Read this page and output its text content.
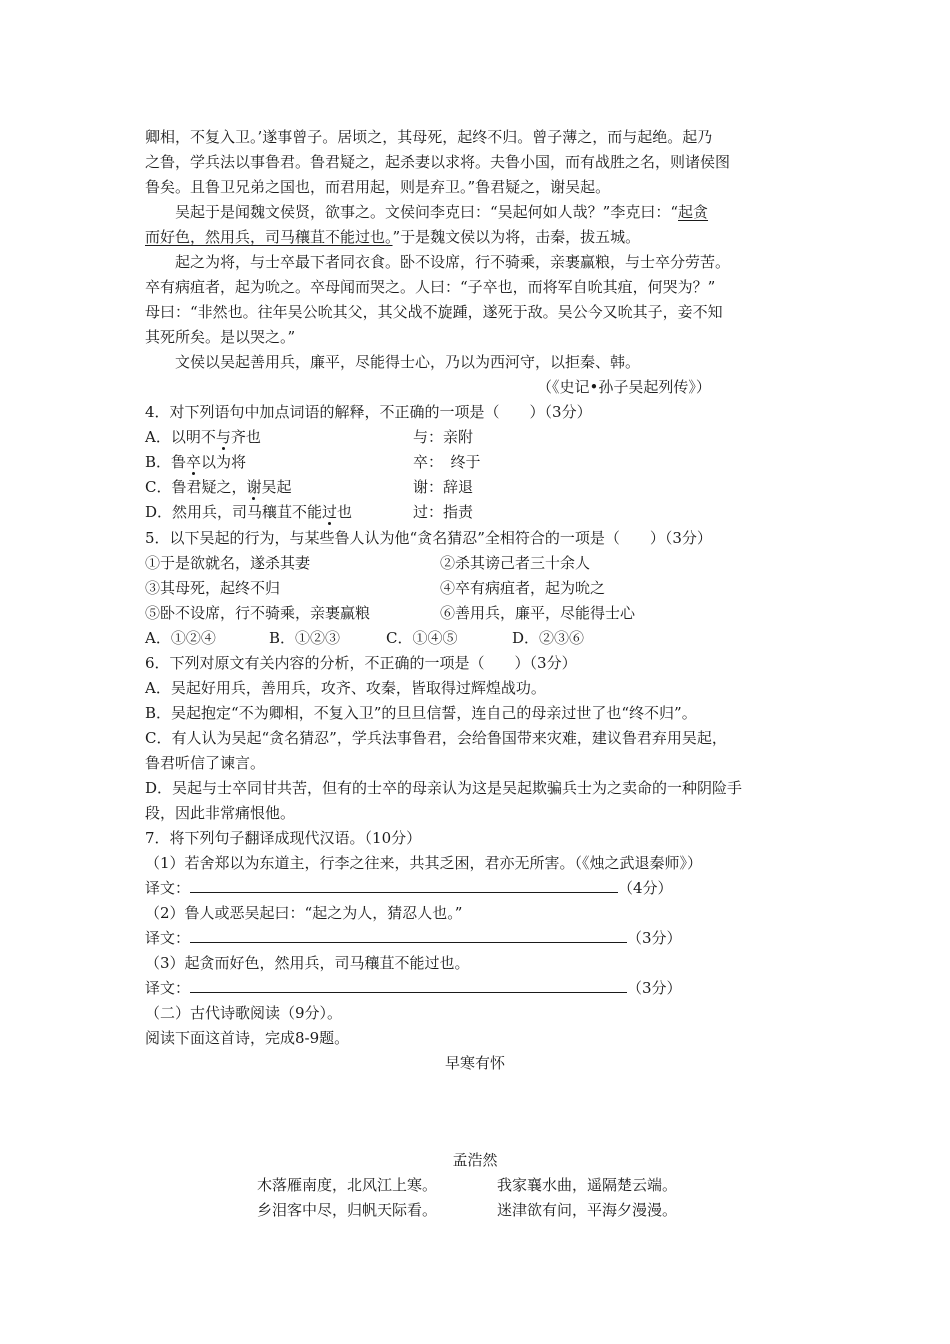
卿相，不复入卫。’遂事曾子。居顷之，其母死，起终不归。曾子薄之，而与起绝。起乃
之鲁，学兵法以事鲁君。鲁君疑之，起杀妻以求将。夫鲁小国，而有战胜之名，则诸侯图
鲁矣。且鲁卫兄弟之国也，而君用起，则是弃卫。”鲁君疑之，谢吴起。
吴起于是闻魏文侯贤，欲事之。文侯问李克曰：“吴起何如人哉？”李克曰：“起贪
而好色，然用兵，司马穰苴不能过也。”于是魏文侯以为将，击秦，拔五城。
起之为将，与士卒最下者同衣食。卧不设席，行不骑乘，亲裹赢粮，与士卒分劳苦。
卒有病疽者，起为吮之。卒母闻而哭之。人曰：“子卒也，而将军自吮其疽，何哭为？”
母曰：“非然也。往年吴公吮其父，其父战不旋踵，遂死于敌。吴公今又吮其子，妾不知
其死所矣。是以哭之。”
文侯以吴起善用兵，廉平，尽能得士心，乃以为西河守，以拒秦、韩。
（《史记•孙子吴起列传》）
4．对下列语句中加点词语的解释，不正确的一项是（　　）（3分）
A．以明不与齐也	与：亲附
B．鲁卒以为将	卒：　终于
C．鲁君疑之，谢吴起	谢：辞退
D．然用兵，司马穰苴不能过也	过：指责
5．以下吴起的行为，与某些鲁人认为他“贪名猜忍”全相符合的一项是（　　）（3分）
①于是欲就名，遂杀其妻	②杀其谤己者三十余人
③其母死，起终不归	④卒有病疽者，起为吮之
⑤卧不设席，行不骑乘，亲裹赢粮	⑥善用兵，廉平，尽能得士心
A．①②④	B．①②③	C．①④⑤	D．②③⑥
6．下列对原文有关内容的分析，不正确的一项是（　　）（3分）
A．吴起好用兵，善用兵，攻齐、攻秦，皆取得过辉煌战功。
B．吴起抱定“不为卿相，不复入卫”的旦旦信誓，连自己的母亲过世了也“终不归”。
C．有人认为吴起“贪名猜忍”，学兵法事鲁君，会给鲁国带来灾难，建议鲁君弃用吴起，
鲁君听信了谏言。
D．吴起与士卒同甘共苦，但有的士卒的母亲认为这是吴起欺骗兵士为之卖命的一种阴险手
段，因此非常痛恨他。
7．将下列句子翻译成现代汉语。（10分）
（1）若舍郑以为东道主，行李之往来，共其乏困，君亦无所害。（《烛之武退秦师》）
译文：	（4分）
（2）鲁人或恶吴起曰：“起之为人，猜忍人也。”
译文：	（3分）
（3）起贪而好色，然用兵，司马穰苴不能过也。
译文：	（3分）
（二）古代诗歌阅读（9分）。
阅读下面这首诗，完成8-9题。
早寒有怀
孟浩然
木落雁南度，北风江上寒。	我家襄水曲，遥隔楚云端。
乡泪客中尽，归帆天际看。	迷津欲有问，平海夕漫漫。
